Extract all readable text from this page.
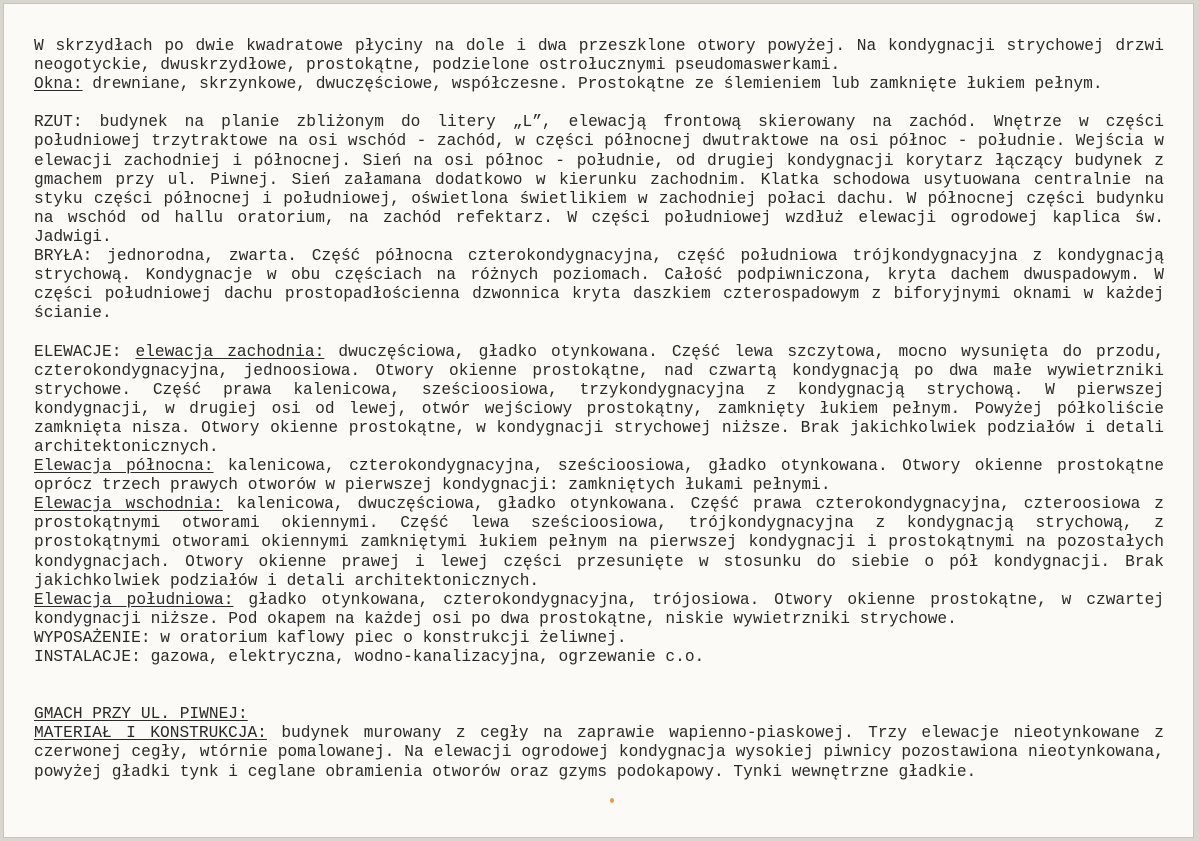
W skrzydłach po dwie kwadratowe płyciny na dole i dwa przeszklone otwory powyżej. Na kondygnacji strychowej drzwi neogotyckie, dwuskrzydłowe, prostokątne, podzielone ostrołucznymi pseudomaswerkami.

Okna: drewniane, skrzynkowe, dwuczęściowe, współczesne. Prostokątne ze ślemieniem lub zamknięte łukiem pełnym.

RZUT: budynek na planie zbliżonym do litery „L”, elewacją frontową skierowany na zachód. Wnętrze w części południowej trzytraktowe na osi wschód - zachód, w części północnej dwutraktowe na osi północ - południe. Wejścia w elewacji zachodniej i północnej. Sień na osi północ - południe, od drugiej kondygnacji korytarz łączący budynek z gmachem przy ul. Piwnej. Sień załamana dodatkowo w kierunku zachodnim. Klatka schodowa usytuowana centralnie na styku części północnej i południowej, oświetlona świetlikiem w zachodniej połaci dachu. W północnej części budynku na wschód od hallu oratorium, na zachód refektarz. W części południowej wzdłuż elewacji ogrodowej kaplica św. Jadwigi.

BRYŁA: jednorodna, zwarta. Część północna czterokondygnacyjna, część południowa trójkondygnacyjna z kondygnacją strychową. Kondygnacje w obu częściach na różnych poziomach. Całość podpiwniczona, kryta dachem dwuspadowym. W części południowej dachu prostopadłościenna dzwonnica kryta daszkiem czterospadowym z biforyjnymi oknami w każdej ścianie.

ELEWACJE: elewacja zachodnia: dwuczęściowa, gładko otynkowana. Część lewa szczytowa, mocno wysunięta do przodu, czterokondygnacyjna, jednoosiowa. Otwory okienne prostokątne, nad czwartą kondygnacją po dwa małe wywietrzniki strychowe. Część prawa kalenicowa, sześcioosiowa, trzykondygnacyjna z kondygnacją strychową. W pierwszej kondygnacji, w drugiej osi od lewej, otwór wejściowy prostokątny, zamknięty łukiem pełnym. Powyżej półkoliście zamknięta nisza. Otwory okienne prostokątne, w kondygnacji strychowej niższe. Brak jakichkolwiek podziałów i detali architektonicznych.

Elewacja północna: kalenicowa, czterokondygnacyjna, sześcioosiowa, gładko otynkowana. Otwory okienne prostokątne oprócz trzech prawych otworów w pierwszej kondygnacji: zamkniętych łukami pełnymi.

Elewacja wschodnia: kalenicowa, dwuczęściowa, gładko otynkowana. Część prawa czterokondygnacyjna, czteroosiowa z prostokątnymi otworami okiennymi. Część lewa sześcioosiowa, trójkondygnacyjna z kondygnacją strychową, z prostokątnymi otworami okiennymi zamkniętymi łukiem pełnym na pierwszej kondygnacji i prostokątnymi na pozostałych kondygnacjach. Otwory okienne prawej i lewej części przesunięte w stosunku do siebie o pół kondygnacji. Brak jakichkolwiek podziałów i detali architektonicznych.

Elewacja południowa: gładko otynkowana, czterokondygnacyjna, trójosiowa. Otwory okienne prostokątne, w czwartej kondygnacji niższe. Pod okapem na każdej osi po dwa prostokątne, niskie wywietrzniki strychowe.

WYPOSAŻENIE: w oratorium kaflowy piec o konstrukcji żeliwnej.

INSTALACJE: gazowa, elektryczna, wodno-kanalizacyjna, ogrzewanie c.o.

GMACH PRZY UL. PIWNEJ:

MATERIAŁ I KONSTRUKCJA: budynek murowany z cegły na zaprawie wapienno-piaskowej. Trzy elewacje nieotynkowane z czerwonej cegły, wtórnie pomalowanej. Na elewacji ogrodowej kondygnacja wysokiej piwnicy pozostawiona nieotynkowana, powyżej gładki tynk i ceglane obramienia otworów oraz gzyms podokapowy. Tynki wewnętrzne gładkie.
